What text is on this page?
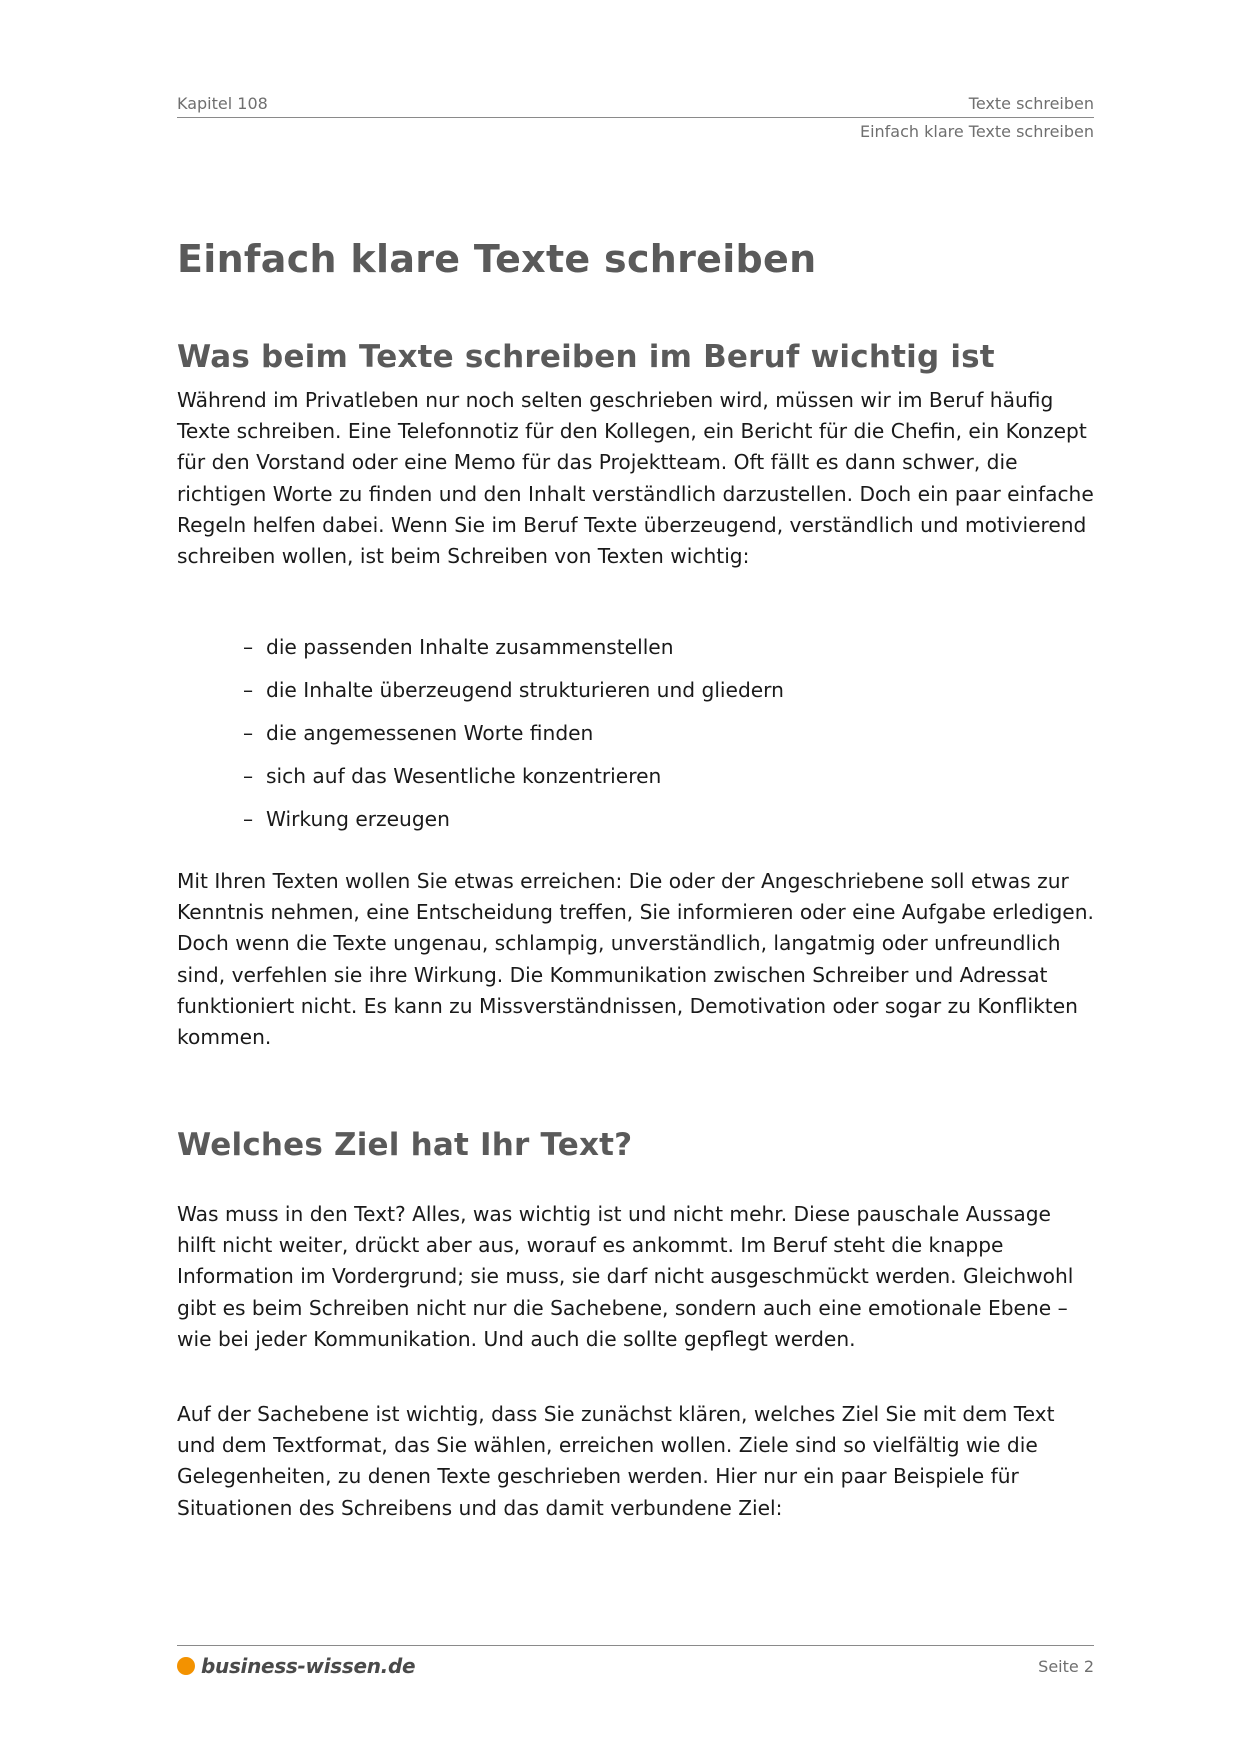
Kapitel 108	Texte schreiben
Einfach klare Texte schreiben
Einfach klare Texte schreiben
Was beim Texte schreiben im Beruf wichtig ist

Während im Privatleben nur noch selten geschrieben wird, müssen wir im Beruf häufig Texte schreiben. Eine Telefonnotiz für den Kollegen, ein Bericht für die Chefin, ein Konzept für den Vorstand oder eine Memo für das Projektteam. Oft fällt es dann schwer, die richtigen Worte zu finden und den Inhalt verständlich darzustellen. Doch ein paar einfache Regeln helfen dabei. Wenn Sie im Beruf Texte überzeugend, verständlich und motivierend schreiben wollen, ist beim Schreiben von Texten wichtig:

– die passenden Inhalte zusammenstellen
– die Inhalte überzeugend strukturieren und gliedern
– die angemessenen Worte finden
– sich auf das Wesentliche konzentrieren
– Wirkung erzeugen

Mit Ihren Texten wollen Sie etwas erreichen: Die oder der Angeschriebene soll etwas zur Kenntnis nehmen, eine Entscheidung treffen, Sie informieren oder eine Aufgabe erledigen. Doch wenn die Texte ungenau, schlampig, unverständlich, langatmig oder unfreundlich sind, verfehlen sie ihre Wirkung. Die Kommunikation zwischen Schreiber und Adressat funktioniert nicht. Es kann zu Missverständnissen, Demotivation oder sogar zu Konflikten kommen.

Welches Ziel hat Ihr Text?

Was muss in den Text? Alles, was wichtig ist und nicht mehr. Diese pauschale Aussage hilft nicht weiter, drückt aber aus, worauf es ankommt. Im Beruf steht die knappe Information im Vordergrund; sie muss, sie darf nicht ausgeschmückt werden. Gleichwohl gibt es beim Schreiben nicht nur die Sachebene, sondern auch eine emotionale Ebene – wie bei jeder Kommunikation. Und auch die sollte gepflegt werden.

Auf der Sachebene ist wichtig, dass Sie zunächst klären, welches Ziel Sie mit dem Text und dem Textformat, das Sie wählen, erreichen wollen. Ziele sind so vielfältig wie die Gelegenheiten, zu denen Texte geschrieben werden. Hier nur ein paar Beispiele für Situationen des Schreibens und das damit verbundene Ziel:

business-wissen.de	Seite 2
